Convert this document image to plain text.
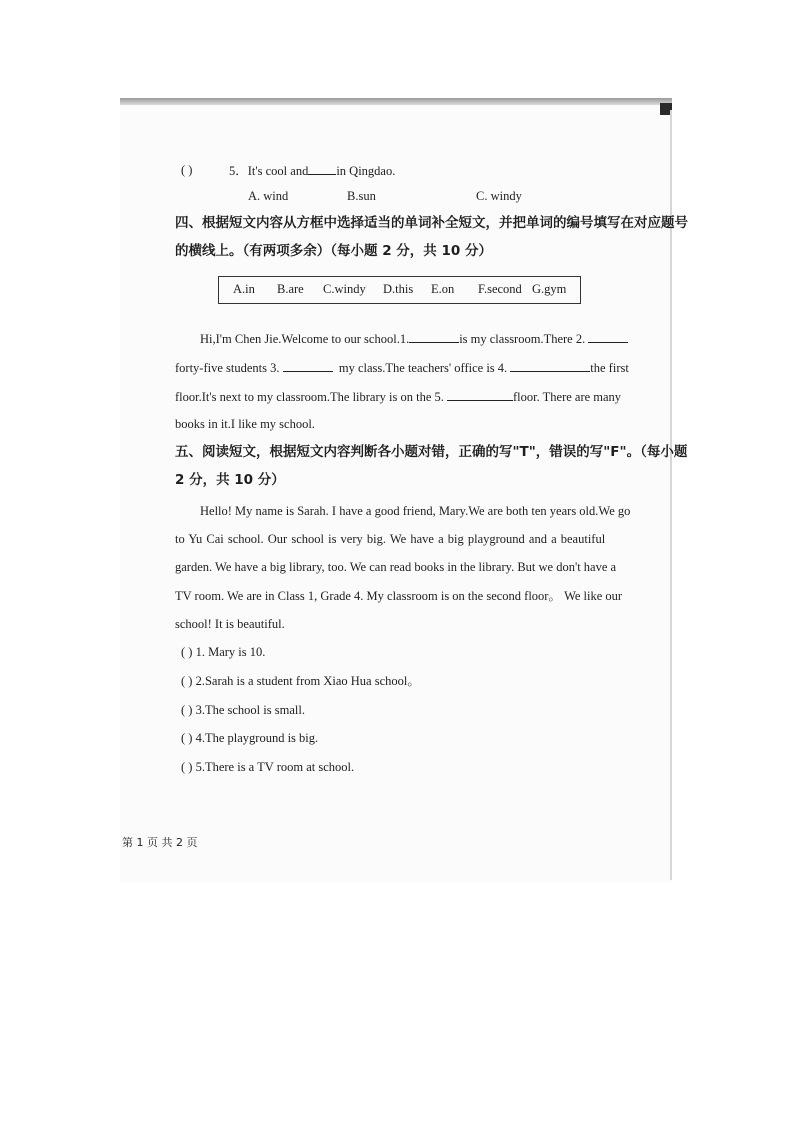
( )	5．It's cool and in Qingdao.
A. wind	B.sun	C. windy
四、根据短文内容从方框中选择适当的单词补全短文，并把单词的编号填写在对应题号
的横线上。（有两项多余）（每小题 2 分，共 10 分）
A.in B.are C.windy D.this E.on F.second G.gym
Hi,I'm Chen Jie.Welcome to our school.1.	is my classroom.There 2.
forty-five students 3.	my class.The teachers' office is 4.	the first
floor.It's next to my classroom.The library is on the 5.	floor. There are many
books in it.I like my school.
五、阅读短文，根据短文内容判断各小题对错，正确的写"T"，错误的写"F"。（每小题
2 分，共 10 分）
Hello! My name is Sarah. I have a good friend, Mary.We are both ten years old.We go
to Yu Cai school. Our school is very big. We have a big playground and a beautiful
garden. We have a big library, too. We can read books in the library. But we don't have a
TV room. We are in Class 1, Grade 4. My classroom is on the second floor。 We like our
school! It is beautiful.
( ) 1. Mary is 10.
( ) 2.Sarah is a student from Xiao Hua school。
( ) 3.The school is small.
( ) 4.The playground is big.
( ) 5.There is a TV room at school.
第 1 页 共 2 页
